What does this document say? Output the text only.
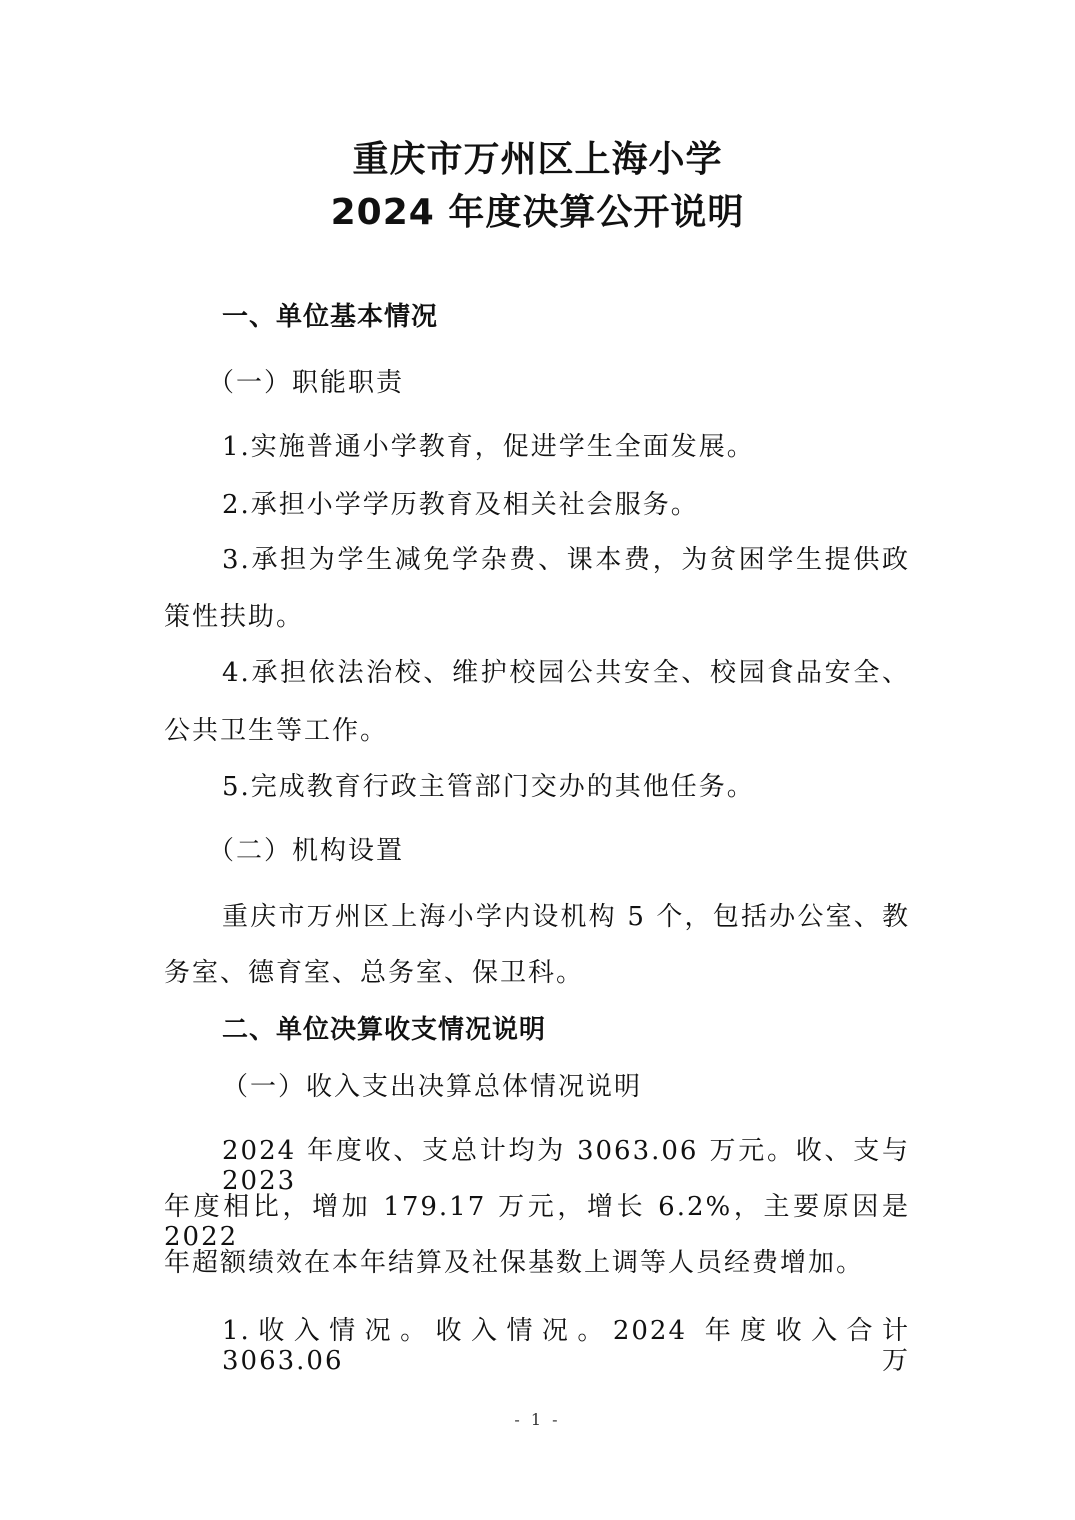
重庆市万州区上海小学
2024 年度决算公开说明
一、单位基本情况
（一）职能职责
1.实施普通小学教育，促进学生全面发展。
2.承担小学学历教育及相关社会服务。
3.承担为学生减免学杂费、课本费，为贫困学生提供政
策性扶助。
4.承担依法治校、维护校园公共安全、校园食品安全、
公共卫生等工作。
5.完成教育行政主管部门交办的其他任务。
（二）机构设置
重庆市万州区上海小学内设机构 5 个，包括办公室、教
务室、德育室、总务室、保卫科。
二、单位决算收支情况说明
（一）收入支出决算总体情况说明
2024 年度收、支总计均为 3063.06 万元。收、支与 2023
年度相比，增加 179.17 万元，增长 6.2%，主要原因是 2022
年超额绩效在本年结算及社保基数上调等人员经费增加。
1.收入情况。收入情况。2024 年度收入合计 3063.06 万
- 1 -
